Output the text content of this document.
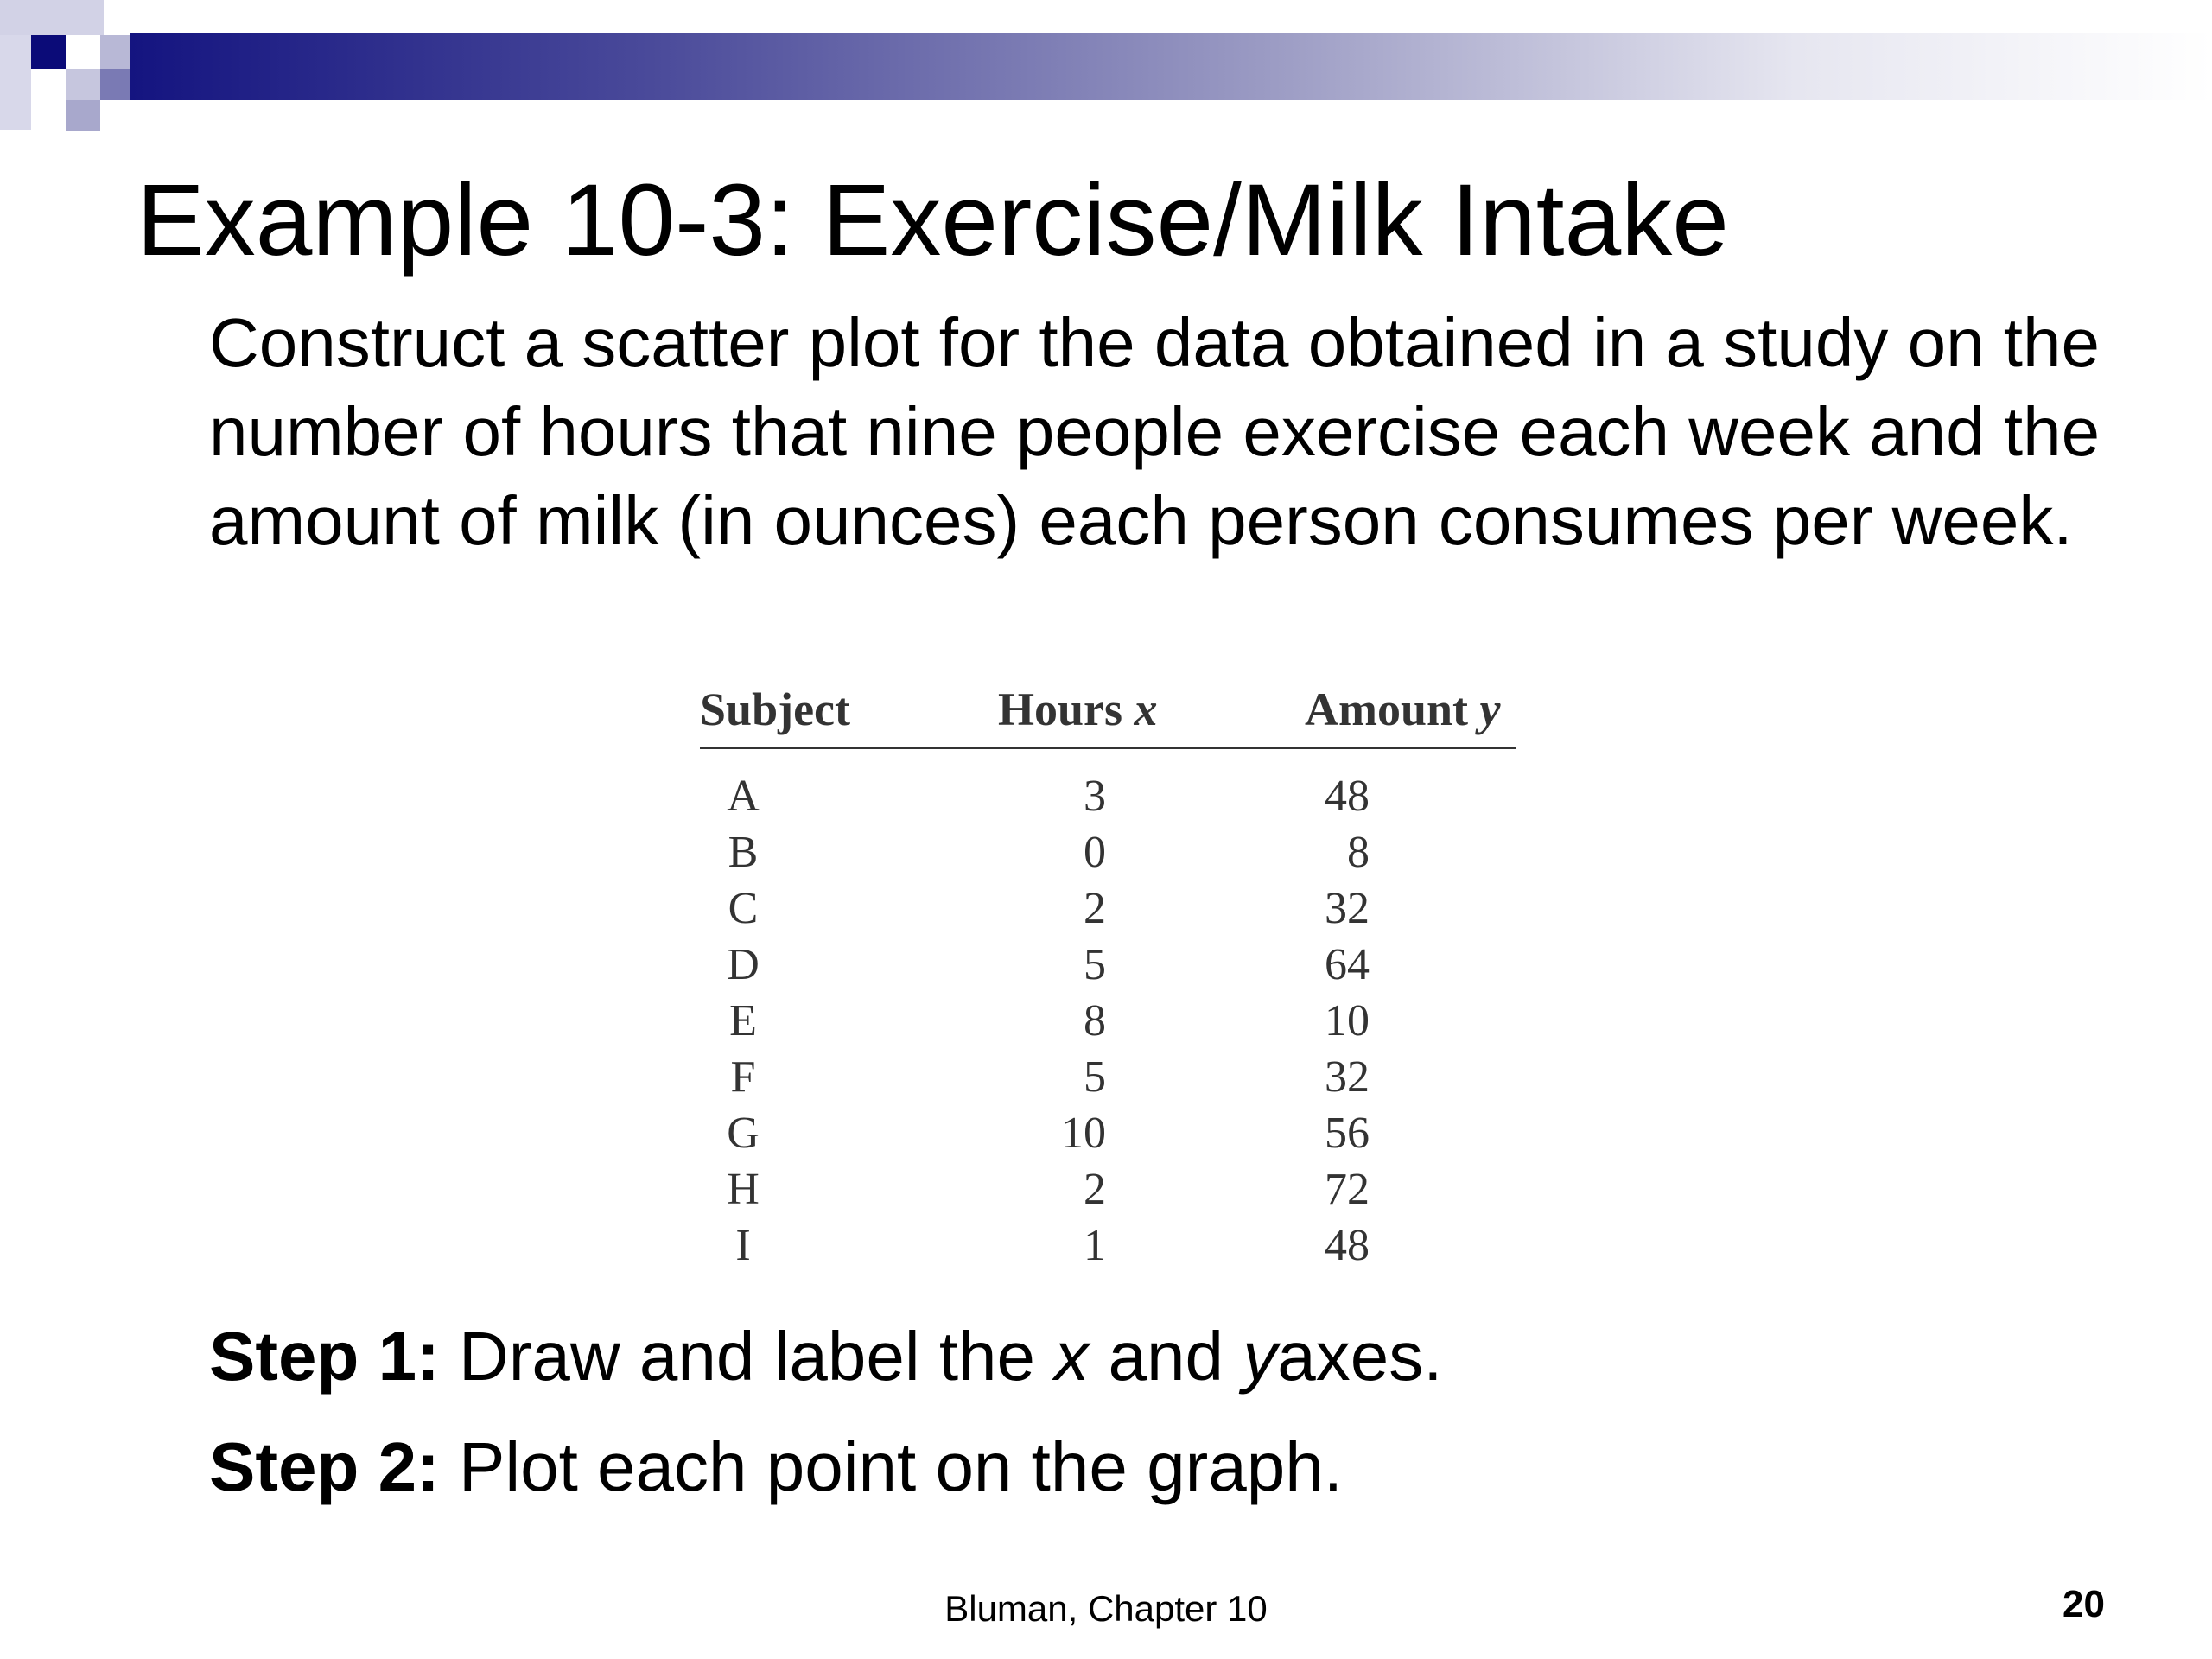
Example 10-3: Exercise/Milk Intake

Construct a scatter plot for the data obtained in a study on the number of hours that nine people exercise each week and the amount of milk (in ounces) each person consumes per week.

Subject	Hours x	Amount y
A	3	48
B	0	8
C	2	32
D	5	64
E	8	10
F	5	32
G	10	56
H	2	72
I	1	48
Step 1: Draw and label the x and yaxes.
Step 2: Plot each point on the graph.
Bluman, Chapter 10	20
